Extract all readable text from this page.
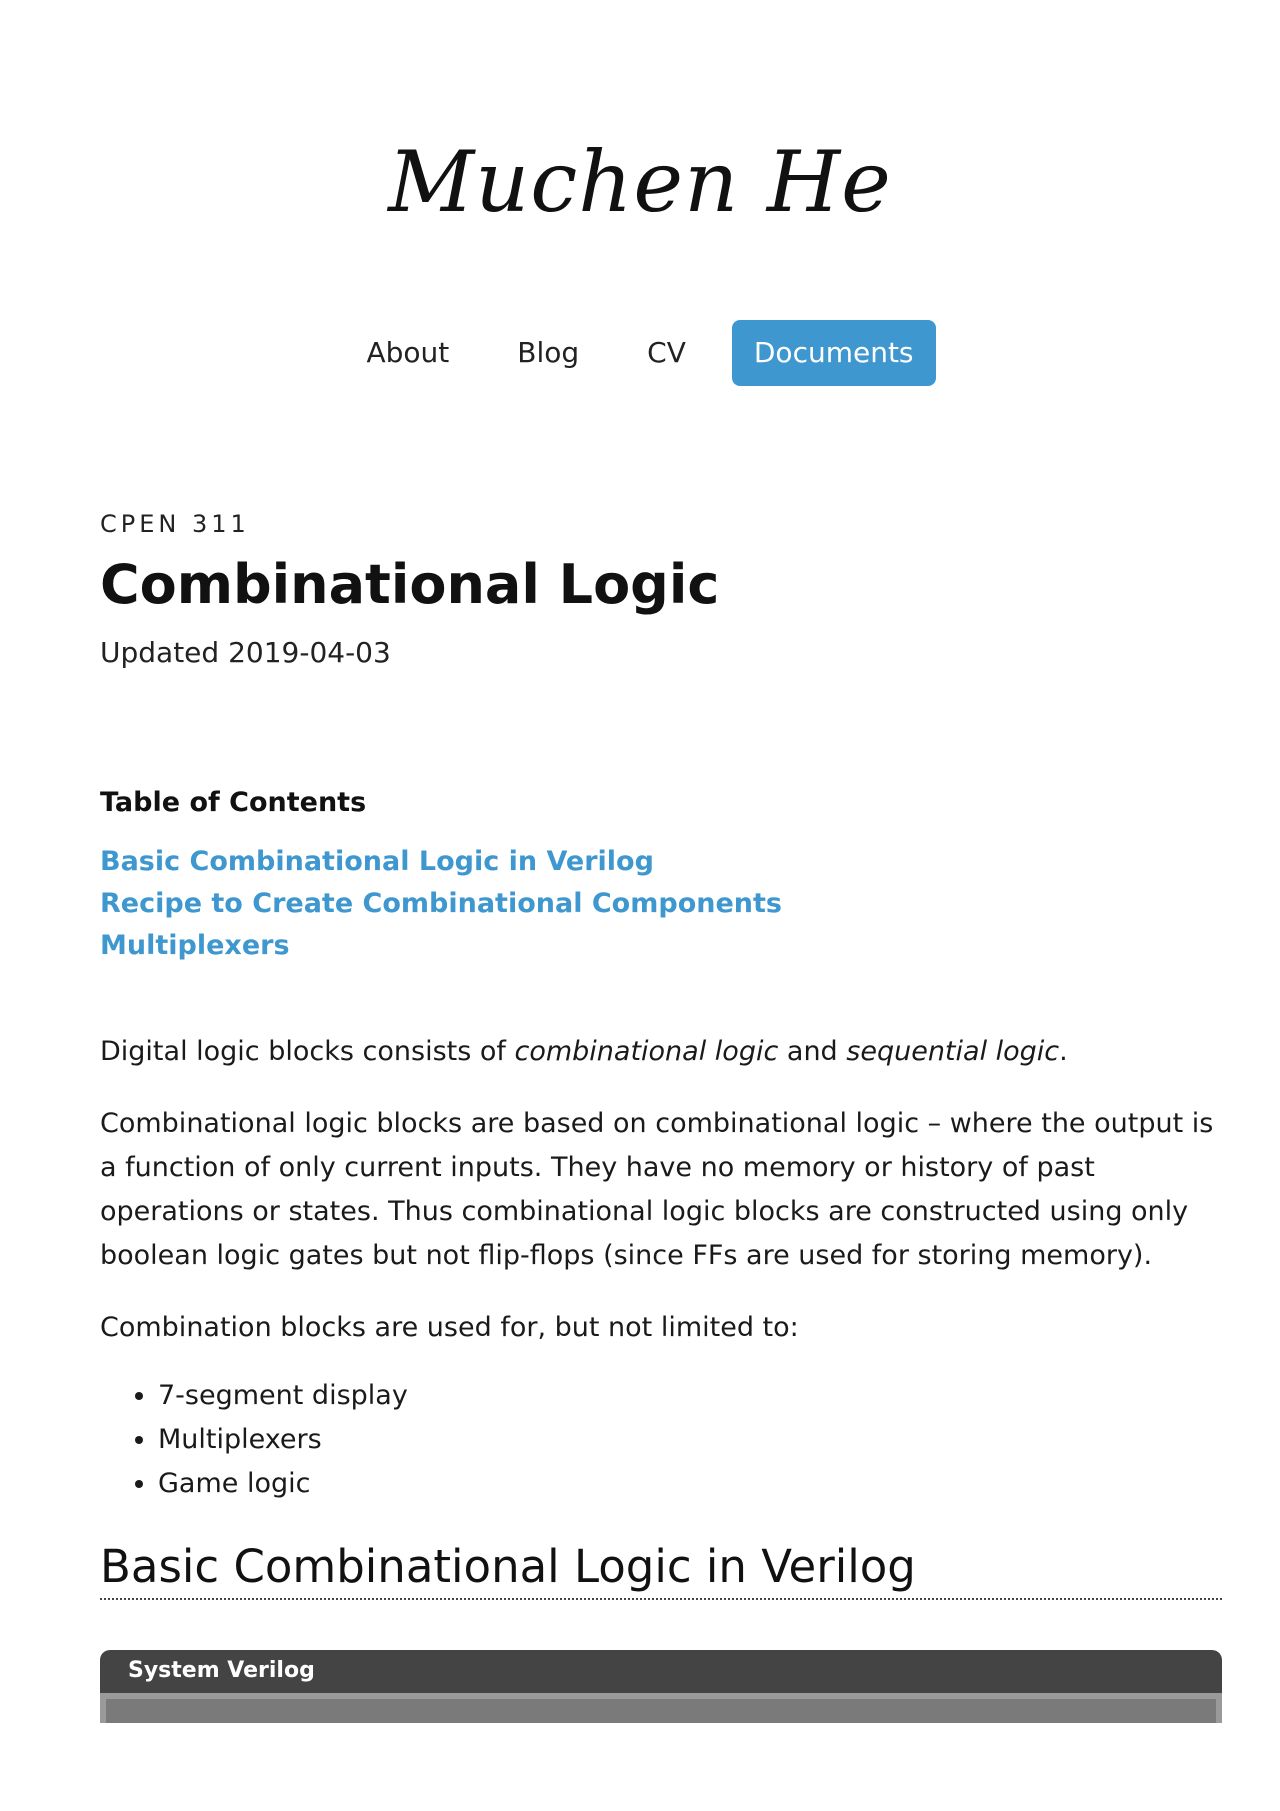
Muchen He
About	Blog	CV	Documents

CPEN 311

Combinational Logic

Updated 2019-04-03

Table of Contents
Basic Combinational Logic in Verilog
Recipe to Create Combinational Components
Multiplexers

Digital logic blocks consists of combinational logic and sequential logic.

Combinational logic blocks are based on combinational logic – where the output is a function of only current inputs. They have no memory or history of past operations or states. Thus combinational logic blocks are constructed using only boolean logic gates but not flip-flops (since FFs are used for storing memory).

Combination blocks are used for, but not limited to:

• 7-segment display
• Multiplexers
• Game logic
Basic Combinational Logic in Verilog
System Verilog
